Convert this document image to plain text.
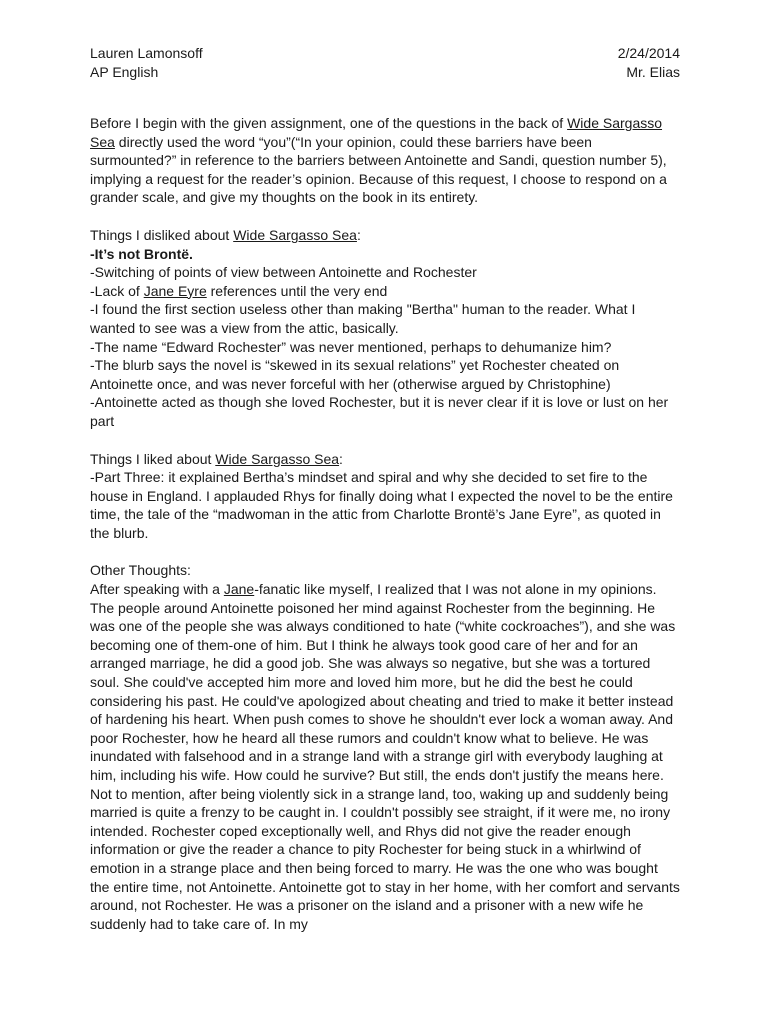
Lauren Lamonsoff	2/24/2014
AP English	Mr. Elias

Before I begin with the given assignment, one of the questions in the back of Wide Sargasso Sea directly used the word “you”(“In your opinion, could these barriers have been surmounted?” in reference to the barriers between Antoinette and Sandi, question number 5), implying a request for the reader’s opinion. Because of this request, I choose to respond on a grander scale, and give my thoughts on the book in its entirety.

Things I disliked about Wide Sargasso Sea:
-It’s not Brontë.
-Switching of points of view between Antoinette and Rochester
-Lack of Jane Eyre references until the very end
-I found the first section useless other than making "Bertha" human to the reader. What I wanted to see was a view from the attic, basically.
-The name “Edward Rochester” was never mentioned, perhaps to dehumanize him?
-The blurb says the novel is “skewed in its sexual relations” yet Rochester cheated on Antoinette once, and was never forceful with her (otherwise argued by Christophine)
-Antoinette acted as though she loved Rochester, but it is never clear if it is love or lust on her part
Things I liked about Wide Sargasso Sea:
-Part Three: it explained Bertha’s mindset and spiral and why she decided to set fire to the house in England. I applauded Rhys for finally doing what I expected the novel to be the entire time, the tale of the “madwoman in the attic from Charlotte Brontë’s Jane Eyre”, as quoted in the blurb.
Other Thoughts:

After speaking with a Jane-fanatic like myself, I realized that I was not alone in my opinions. The people around Antoinette poisoned her mind against Rochester from the beginning. He was one of the people she was always conditioned to hate (“white cockroaches”), and she was becoming one of them-one of him. But I think he always took good care of her and for an arranged marriage, he did a good job. She was always so negative, but she was a tortured soul. She could've accepted him more and loved him more, but he did the best he could considering his past. He could've apologized about cheating and tried to make it better instead of hardening his heart. When push comes to shove he shouldn't ever lock a woman away. And poor Rochester, how he heard all these rumors and couldn't know what to believe. He was inundated with falsehood and in a strange land with a strange girl with everybody laughing at him, including his wife. How could he survive? But still, the ends don't justify the means here. Not to mention, after being violently sick in a strange land, too, waking up and suddenly being married is quite a frenzy to be caught in. I couldn't possibly see straight, if it were me, no irony intended. Rochester coped exceptionally well, and Rhys did not give the reader enough information or give the reader a chance to pity Rochester for being stuck in a whirlwind of emotion in a strange place and then being forced to marry. He was the one who was bought the entire time, not Antoinette. Antoinette got to stay in her home, with her comfort and servants around, not Rochester. He was a prisoner on the island and a prisoner with a new wife he suddenly had to take care of. In my
